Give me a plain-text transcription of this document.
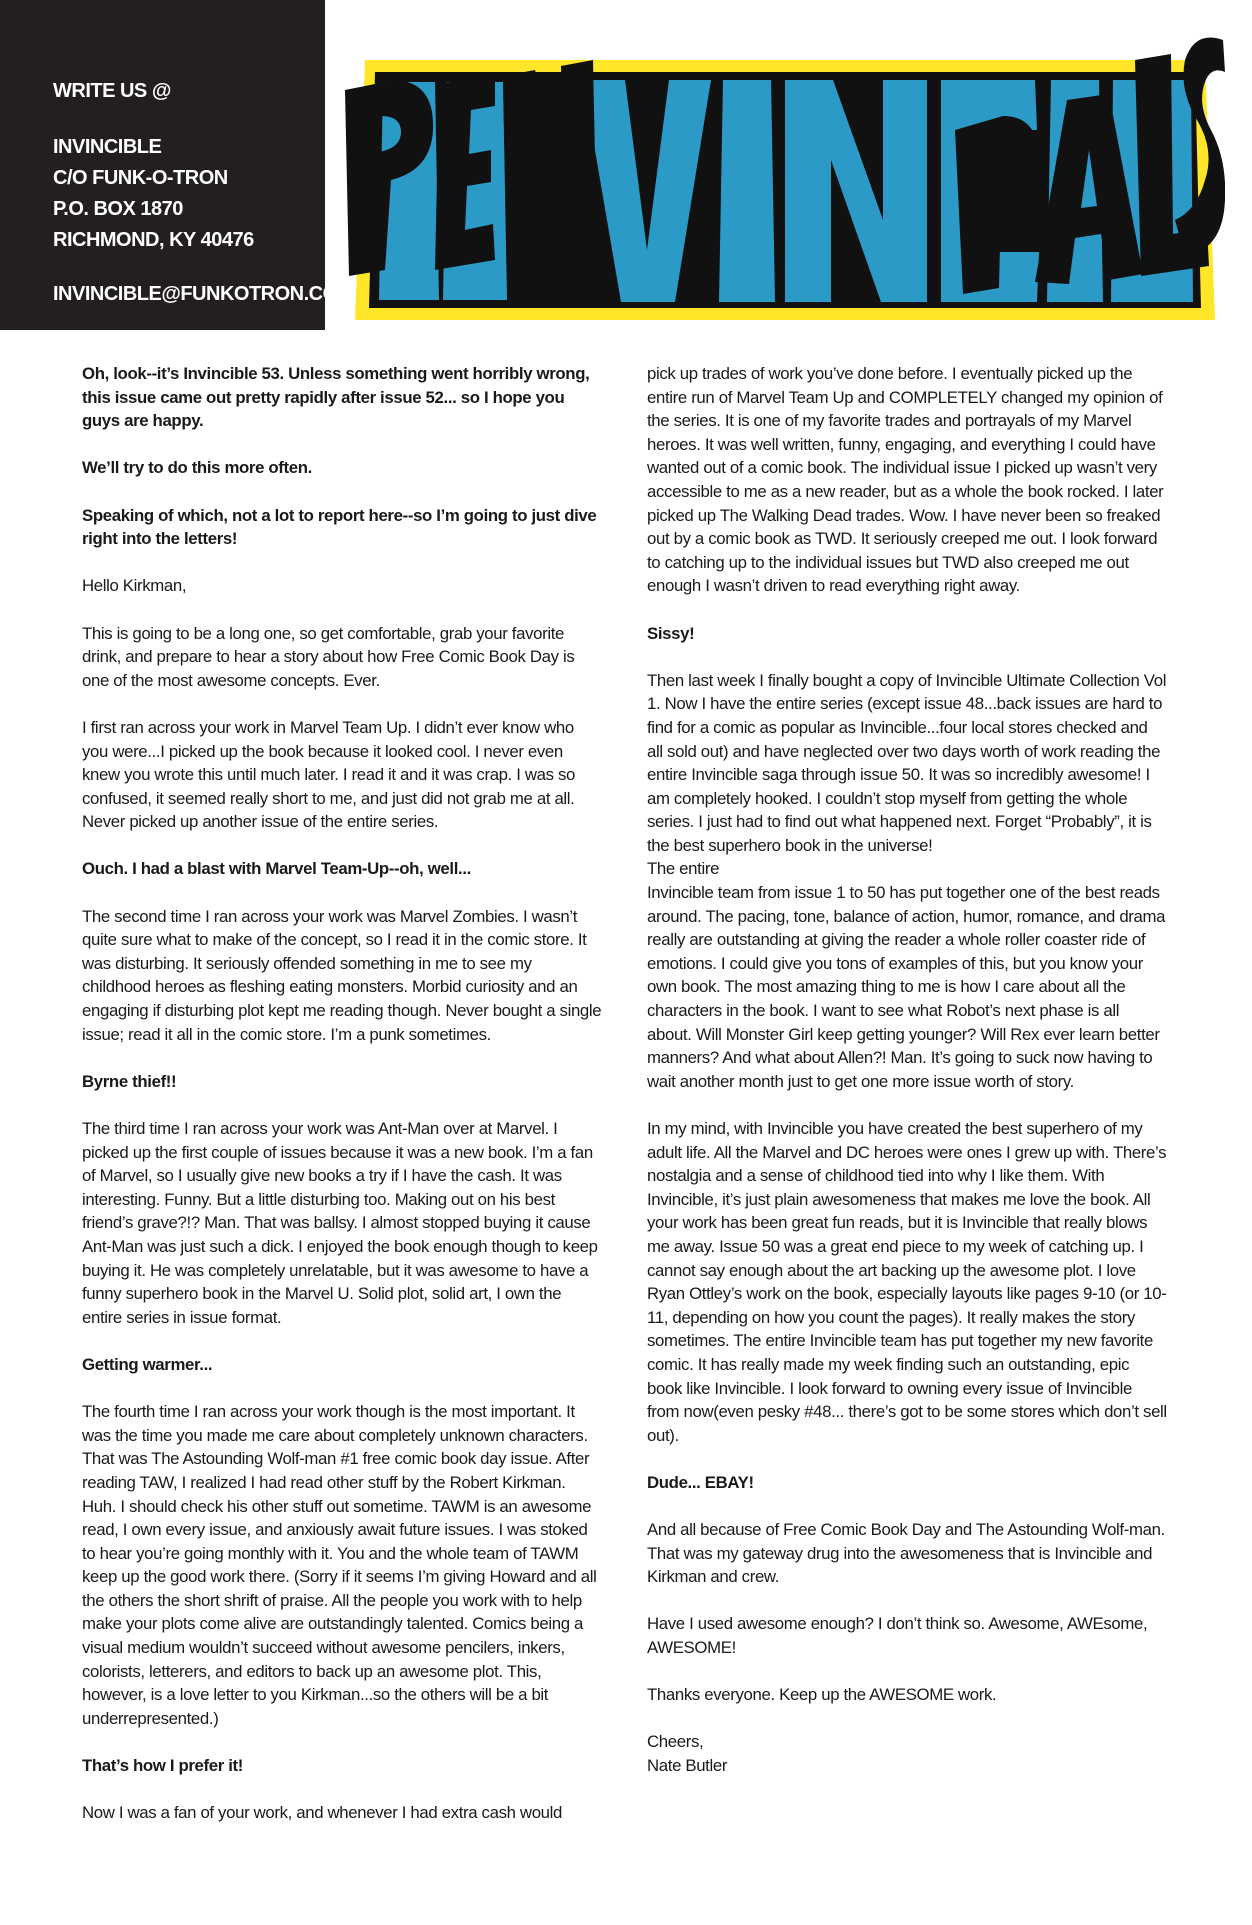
WRITE US @
INVINCIBLE
C/O FUNK-O-TRON
P.O. BOX 1870
RICHMOND, KY 40476
INVINCIBLE@FUNKOTRON.COM

Oh, look--it’s Invincible 53. Unless something went horribly wrong, this issue came out pretty rapidly after issue 52... so I hope you guys are happy.

We’ll try to do this more often.

Speaking of which, not a lot to report here--so I’m going to just dive right into the letters!

Hello Kirkman,

This is going to be a long one, so get comfortable, grab your favorite drink, and prepare to hear a story about how Free Comic Book Day is one of the most awesome concepts. Ever.

I first ran across your work in Marvel Team Up. I didn’t ever know who you were...I picked up the book because it looked cool. I never even knew you wrote this until much later. I read it and it was crap. I was so confused, it seemed really short to me, and just did not grab me at all. Never picked up another issue of the entire series.

Ouch. I had a blast with Marvel Team-Up--oh, well...

The second time I ran across your work was Marvel Zombies. I wasn’t quite sure what to make of the concept, so I read it in the comic store. It was disturbing. It seriously offended something in me to see my childhood heroes as fleshing eating monsters. Morbid curiosity and an engaging if disturbing plot kept me reading though. Never bought a single issue; read it all in the comic store. I’m a punk sometimes.

Byrne thief!!

The third time I ran across your work was Ant-Man over at Marvel. I picked up the first couple of issues because it was a new book. I’m a fan of Marvel, so I usually give new books a try if I have the cash. It was interesting. Funny. But a little disturbing too. Making out on his best friend’s grave?!? Man. That was ballsy. I almost stopped buying it cause Ant-Man was just such a dick. I enjoyed the book enough though to keep buying it. He was completely unrelatable, but it was awesome to have a funny superhero book in the Marvel U. Solid plot, solid art, I own the entire series in issue format.

Getting warmer...

The fourth time I ran across your work though is the most important. It was the time you made me care about completely unknown characters. That was The Astounding Wolf-man #1 free comic book day issue. After reading TAW, I realized I had read other stuff by the Robert Kirkman. Huh. I should check his other stuff out sometime. TAWM is an awesome read, I own every issue, and anxiously await future issues. I was stoked to hear you’re going monthly with it. You and the whole team of TAWM keep up the good work there. (Sorry if it seems I’m giving Howard and all the others the short shrift of praise. All the people you work with to help make your plots come alive are outstandingly talented. Comics being a visual medium wouldn’t succeed without awesome pencilers, inkers, colorists, letterers, and editors to back up an awesome plot. This, however, is a love letter to you Kirkman...so the others will be a bit underrepresented.)

That’s how I prefer it!

Now I was a fan of your work, and whenever I had extra cash would

pick up trades of work you’ve done before. I eventually picked up the entire run of Marvel Team Up and COMPLETELY changed my opinion of the series. It is one of my favorite trades and portrayals of my Marvel heroes. It was well written, funny, engaging, and everything I could have wanted out of a comic book. The individual issue I picked up wasn’t very accessible to me as a new reader, but as a whole the book rocked. I later picked up The Walking Dead trades. Wow. I have never been so freaked out by a comic book as TWD. It seriously creeped me out. I look forward to catching up to the individual issues but TWD also creeped me out enough I wasn’t driven to read everything right away.

Sissy!

Then last week I finally bought a copy of Invincible Ultimate Collection Vol 1. Now I have the entire series (except issue 48...back issues are hard to find for a comic as popular as Invincible...four local stores checked and all sold out) and have neglected over two days worth of work reading the entire Invincible saga through issue 50. It was so incredibly awesome! I am completely hooked. I couldn’t stop myself from getting the whole series. I just had to find out what happened next. Forget “Probably”, it is the best superhero book in the universe!

The entire

Invincible team from issue 1 to 50 has put together one of the best reads around. The pacing, tone, balance of action, humor, romance, and drama really are outstanding at giving the reader a whole roller coaster ride of emotions. I could give you tons of examples of this, but you know your own book. The most amazing thing to me is how I care about all the characters in the book. I want to see what Robot’s next phase is all about. Will Monster Girl keep getting younger? Will Rex ever learn better manners? And what about Allen?! Man. It’s going to suck now having to wait another month just to get one more issue worth of story.

In my mind, with Invincible you have created the best superhero of my adult life. All the Marvel and DC heroes were ones I grew up with. There’s nostalgia and a sense of childhood tied into why I like them. With Invincible, it’s just plain awesomeness that makes me love the book. All your work has been great fun reads, but it is Invincible that really blows me away. Issue 50 was a great end piece to my week of catching up. I cannot say enough about the art backing up the awesome plot. I love Ryan Ottley’s work on the book, especially layouts like pages 9-10 (or 10-11, depending on how you count the pages). It really makes the story sometimes. The entire Invincible team has put together my new favorite comic. It has really made my week finding such an outstanding, epic book like Invincible. I look forward to owning every issue of Invincible from now(even pesky #48... there’s got to be some stores which don’t sell out).

Dude... EBAY!

And all because of Free Comic Book Day and The Astounding Wolf-man. That was my gateway drug into the awesomeness that is Invincible and Kirkman and crew.

Have I used awesome enough? I don’t think so. Awesome, AWEsome, AWESOME!

Thanks everyone. Keep up the AWESOME work.

Cheers,

Nate Butler
